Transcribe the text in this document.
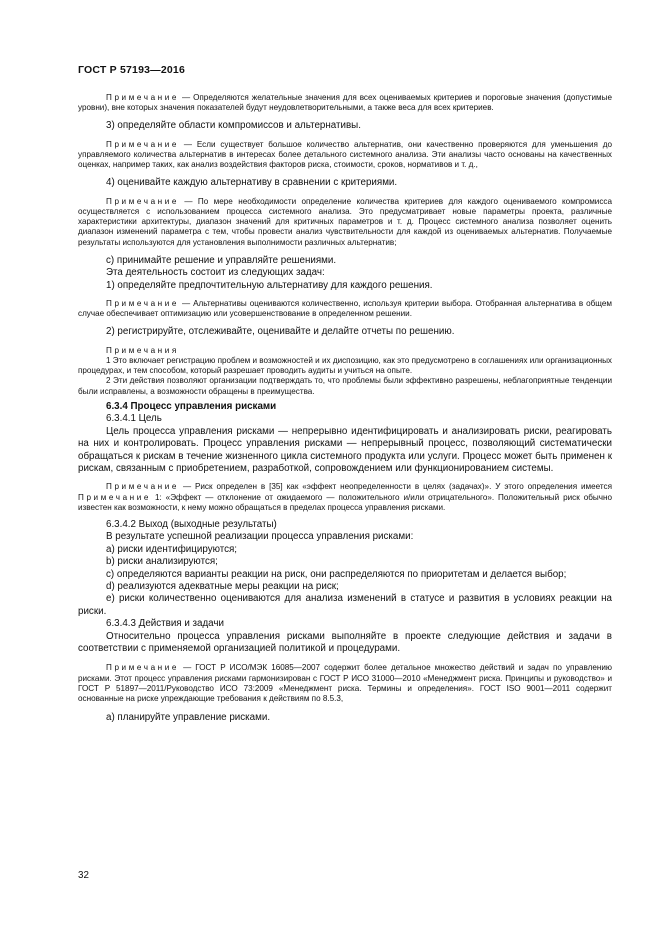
ГОСТ Р 57193—2016

Примечание — Определяются желательные значения для всех оцениваемых критериев и пороговые значения (допустимые уровни), вне которых значения показателей будут неудовлетворительными, а также веса для всех критериев.

3) определяйте области компромиссов и альтернативы.

Примечание — Если существует большое количество альтернатив, они качественно проверяются для уменьшения до управляемого количества альтернатив в интересах более детального системного анализа. Эти анализы часто основаны на качественных оценках, например таких, как анализ воздействия факторов риска, стоимости, сроков, нормативов и т. д.,

4) оценивайте каждую альтернативу в сравнении с критериями.

Примечание — По мере необходимости определение количества критериев для каждого оцениваемого компромисса осуществляется с использованием процесса системного анализа. Это предусматривает новые параметры проекта, различные характеристики архитектуры, диапазон значений для критичных параметров и т. д. Процесс системного анализа позволяет оценить диапазон изменений параметра с тем, чтобы провести анализ чувствительности для каждой из оцениваемых альтернатив. Получаемые результаты используются для установления выполнимости различных альтернатив;

c) принимайте решение и управляйте решениями.

Эта деятельность состоит из следующих задач:

1) определяйте предпочтительную альтернативу для каждого решения.

Примечание — Альтернативы оцениваются количественно, используя критерии выбора. Отобранная альтернатива в общем случае обеспечивает оптимизацию или усовершенствование в определенном решении.

2) регистрируйте, отслеживайте, оценивайте и делайте отчеты по решению.

Примечания

1 Это включает регистрацию проблем и возможностей и их диспозицию, как это предусмотрено в соглашениях или организационных процедурах, и тем способом, который разрешает проводить аудиты и учиться на опыте.

2 Эти действия позволяют организации подтверждать то, что проблемы были эффективно разрешены, неблагоприятные тенденции были исправлены, а возможности обращены в преимущества.

6.3.4 Процесс управления рисками

6.3.4.1 Цель

Цель процесса управления рисками — непрерывно идентифицировать и анализировать риски, реагировать на них и контролировать. Процесс управления рисками — непрерывный процесс, позволяющий систематически обращаться к рискам в течение жизненного цикла системного продукта или услуги. Процесс может быть применен к рискам, связанным с приобретением, разработкой, сопровождением или функционированием системы.

Примечание — Риск определен в [35] как «эффект неопределенности в целях (задачах)». У этого определения имеется Примечание 1: «Эффект — отклонение от ожидаемого — положительного и/или отрицательного». Положительный риск обычно известен как возможности, к нему можно обращаться в пределах процесса управления рисками.

6.3.4.2 Выход (выходные результаты)

В результате успешной реализации процесса управления рисками:

a) риски идентифицируются;

b) риски анализируются;

c) определяются варианты реакции на риск, они распределяются по приоритетам и делается выбор;

d) реализуются адекватные меры реакции на риск;

e) риски количественно оцениваются для анализа изменений в статусе и развития в условиях реакции на риски.

6.3.4.3 Действия и задачи

Относительно процесса управления рисками выполняйте в проекте следующие действия и задачи в соответствии с применяемой организацией политикой и процедурами.

Примечание — ГОСТ Р ИСО/МЭК 16085—2007 содержит более детальное множество действий и задач по управлению рисками. Этот процесс управления рисками гармонизирован с ГОСТ Р ИСО 31000—2010 «Менеджмент риска. Принципы и руководство» и ГОСТ Р 51897—2011/Руководство ИСО 73:2009 «Менеджмент риска. Термины и определения». ГОСТ ISO 9001—2011 содержит основанные на риске упреждающие требования к действиям по 8.5.3,

a) планируйте управление рисками.

32
